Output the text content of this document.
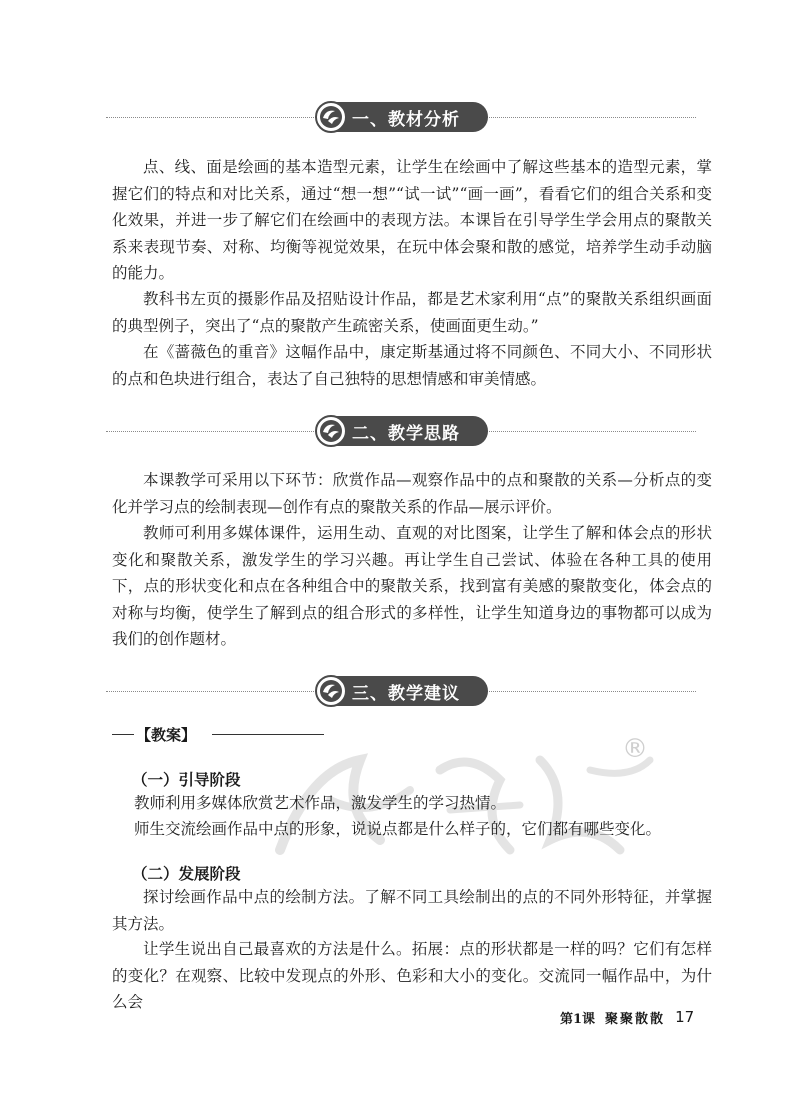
一、教材分析

点、线、面是绘画的基本造型元素，让学生在绘画中了解这些基本的造型元素，掌握它们的特点和对比关系，通过“想一想”“试一试”“画一画”，看看它们的组合关系和变化效果，并进一步了解它们在绘画中的表现方法。本课旨在引导学生学会用点的聚散关系来表现节奏、对称、均衡等视觉效果，在玩中体会聚和散的感觉，培养学生动手动脑的能力。

教科书左页的摄影作品及招贴设计作品，都是艺术家利用“点”的聚散关系组织画面的典型例子，突出了“点的聚散产生疏密关系，使画面更生动。”

在《蔷薇色的重音》这幅作品中，康定斯基通过将不同颜色、不同大小、不同形状的点和色块进行组合，表达了自己独特的思想情感和审美情感。

二、教学思路

本课教学可采用以下环节：欣赏作品—观察作品中的点和聚散的关系—分析点的变化并学习点的绘制表现—创作有点的聚散关系的作品—展示评价。

教师可利用多媒体课件，运用生动、直观的对比图案，让学生了解和体会点的形状变化和聚散关系，激发学生的学习兴趣。再让学生自己尝试、体验在各种工具的使用下，点的形状变化和点在各种组合中的聚散关系，找到富有美感的聚散变化，体会点的对称与均衡，使学生了解到点的组合形式的多样性，让学生知道身边的事物都可以成为我们的创作题材。

三、教学建议
®
【教案】
（一）引导阶段

教师利用多媒体欣赏艺术作品，激发学生的学习热情。

师生交流绘画作品中点的形象，说说点都是什么样子的，它们都有哪些变化。

（二）发展阶段

探讨绘画作品中点的绘制方法。了解不同工具绘制出的点的不同外形特征，并掌握其方法。

让学生说出自己最喜欢的方法是什么。拓展：点的形状都是一样的吗？它们有怎样的变化？在观察、比较中发现点的外形、色彩和大小的变化。交流同一幅作品中，为什么会

第1课 聚聚散散 17
